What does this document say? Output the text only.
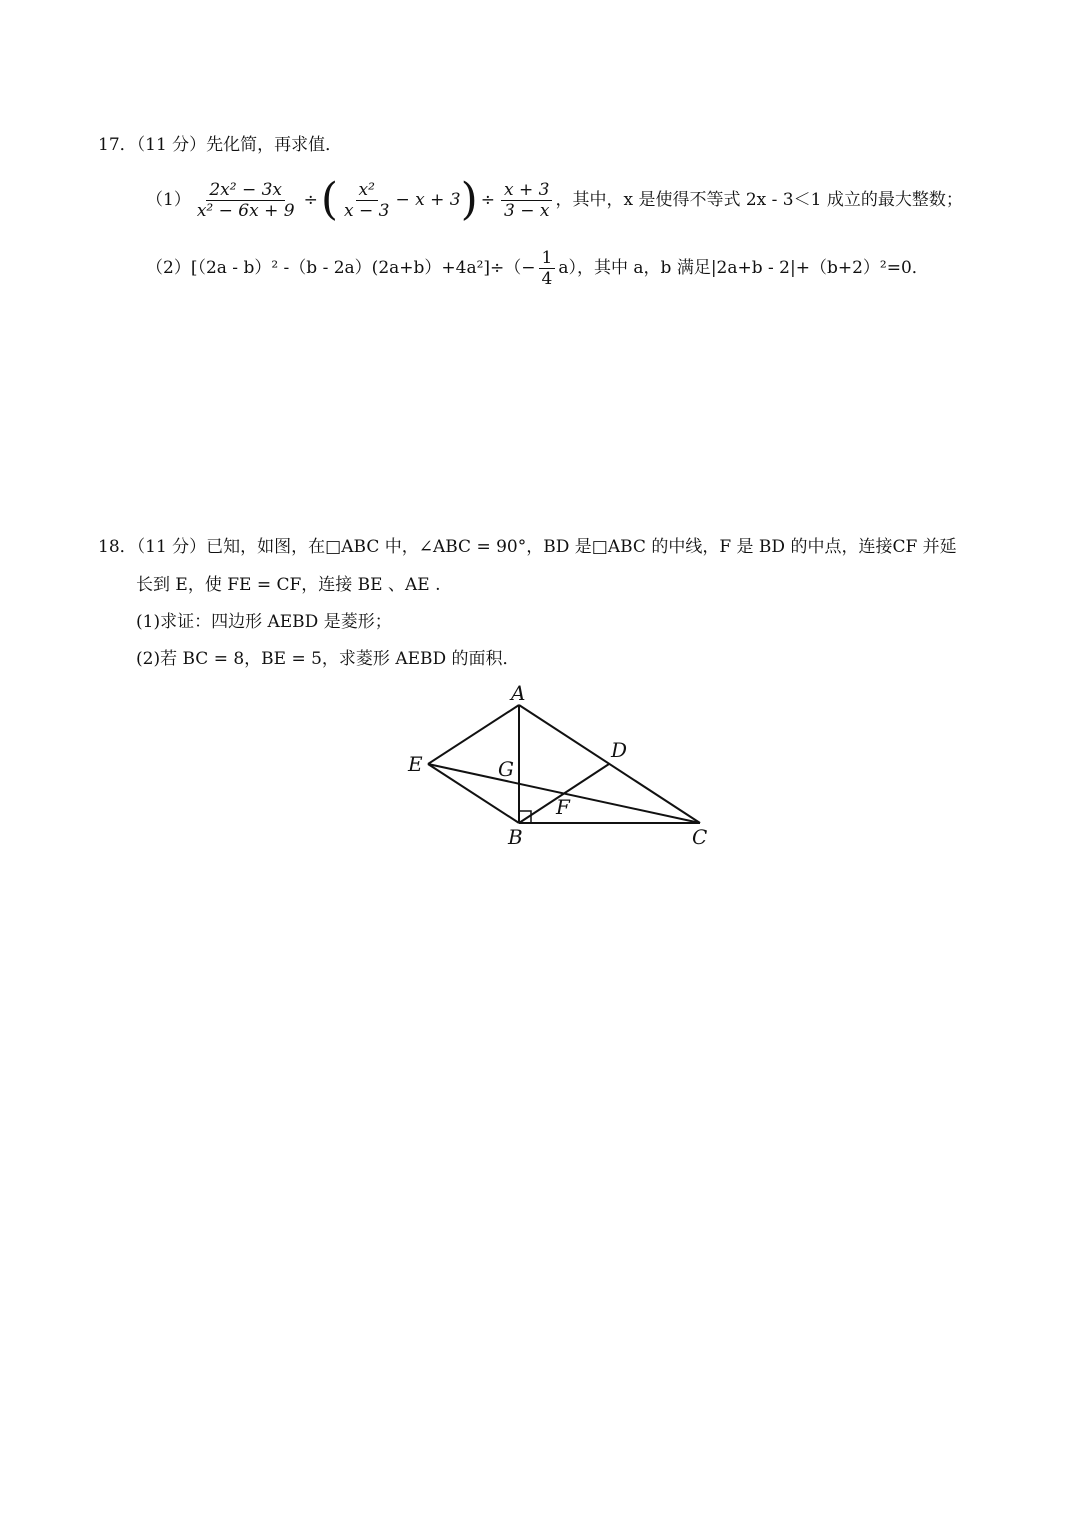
17．（11 分）先化简，再求值．
$(1) \frac{\text{2x² − 3x}}{\text{x² − 6x + 9}}$ ÷ ( $\frac{\text{x²}}{x - 3} - x + 3$ ) ÷ $\frac{x + 3}{3 - x}$ ，其中，x 是使得不等式 2x - 3＜1 成立的最大整数；
（2）[（2a - b）² $-(b - 2a)(2a+b)+4a^2]\div(- \frac{1}{4} a)$，其中 a，b 满足|2a+b - 2|+（b+2）²=0．
18．（11 分）已知，如图，在□ABC 中，∠ABC = 90°，BD 是□ABC 的中线，F 是 BD 的中点，连接CF 并延
长到 E，使 FE = CF，连接 BE 、AE .
(1)求证：四边形 AEBD 是菱形；
(2)若 BC = 8，BE = 5，求菱形 AEBD 的面积．
A
B	C
D
E
F
G
